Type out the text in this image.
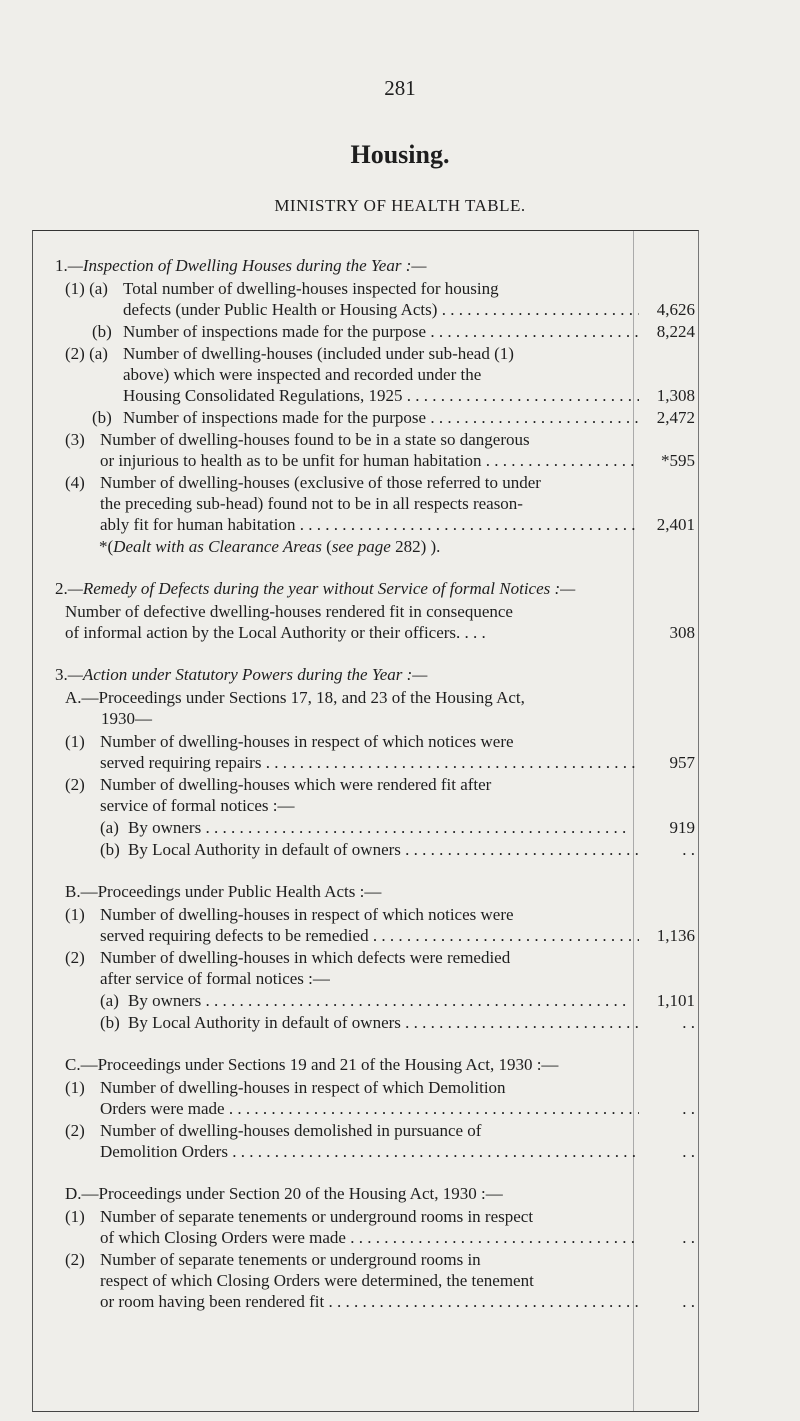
281
Housing.
MINISTRY OF HEALTH TABLE.
1.—Inspection of Dwelling Houses during the Year :—
(1) (a) Total number of dwelling-houses inspected for housing
defects (under Public Health or Housing Acts) . . .	4,626
(b) Number of inspections made for the purpose . . .	8,224
(2) (a) Number of dwelling-houses (included under sub-head (1)
above) which were inspected and recorded under the
Housing Consolidated Regulations, 1925 . . .	1,308
(b) Number of inspections made for the purpose . . .	2,472
(3) Number of dwelling-houses found to be in a state so dangerous
or injurious to health as to be unfit for human habitation . . .	*595
(4) Number of dwelling-houses (exclusive of those referred to under
the preceding sub-head) found not to be in all respects reason-
ably fit for human habitation . . .	2,401
*(Dealt with as Clearance Areas (see page 282) ).
2.—Remedy of Defects during the year without Service of formal Notices :—
Number of defective dwelling-houses rendered fit in consequence
of informal action by the Local Authority or their officers. . . .	308
3.—Action under Statutory Powers during the Year :—
A.—Proceedings under Sections 17, 18, and 23 of the Housing Act,
1930—
(1) Number of dwelling-houses in respect of which notices were
served requiring repairs . . .	957
(2) Number of dwelling-houses which were rendered fit after
service of formal notices :—
(a) By owners . . .	919
(b) By Local Authority in default of owners . . .	. .
B.—Proceedings under Public Health Acts :—
(1) Number of dwelling-houses in respect of which notices were
served requiring defects to be remedied . . .	1,136
(2) Number of dwelling-houses in which defects were remedied
after service of formal notices :—
(a) By owners . . .	1,101
(b) By Local Authority in default of owners . . .	. .
C.—Proceedings under Sections 19 and 21 of the Housing Act, 1930 :—
(1) Number of dwelling-houses in respect of which Demolition
Orders were made . . .	. .
(2) Number of dwelling-houses demolished in pursuance of
Demolition Orders . . .	. .
D.—Proceedings under Section 20 of the Housing Act, 1930 :—
(1) Number of separate tenements or underground rooms in respect
of which Closing Orders were made . . .	. .
(2) Number of separate tenements or underground rooms in
respect of which Closing Orders were determined, the tenement
or room having been rendered fit . . .	. .
